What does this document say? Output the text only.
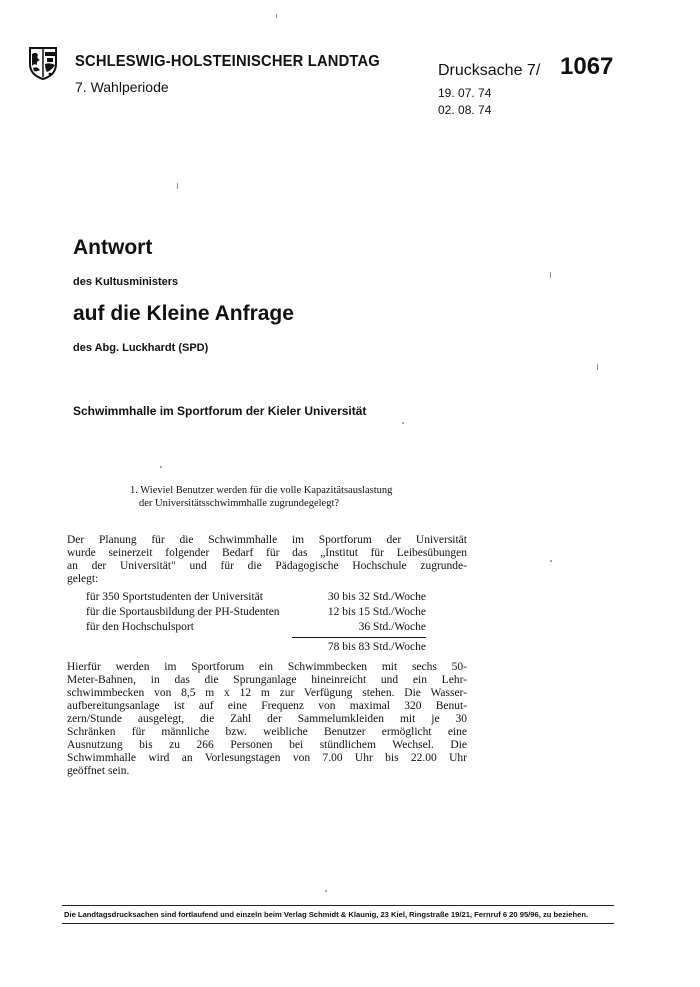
SCHLESWIG-HOLSTEINISCHER LANDTAG
7. Wahlperiode
Drucksache 7/ 1067
19. 07. 74
02. 08. 74
Antwort
des Kultusministers
auf die Kleine Anfrage
des Abg. Luckhardt (SPD)
Schwimmhalle im Sportforum der Kieler Universität
1. Wieviel Benutzer werden für die volle Kapazitätsauslastung
der Universitätsschwimmhalle zugrundegelegt?
Der Planung für die Schwimmhalle im Sportforum der Universität
wurde seinerzeit folgender Bedarf für das „Institut für Leibesübungen
an der Universität" und für die Pädagogische Hochschule zugrunde-
gelegt:
für 350 Sportstudenten der Universität	30 bis 32 Std./Woche
für die Sportausbildung der PH-Studenten	12 bis 15 Std./Woche
für den Hochschulsport	36 Std./Woche
78 bis 83 Std./Woche
Hierfür werden im Sportforum ein Schwimmbecken mit sechs 50-
Meter-Bahnen, in das die Sprunganlage hineinreicht und ein Lehr-
schwimmbecken von 8,5 m x 12 m zur Verfügung stehen. Die Wasser-
aufbereitungsanlage ist auf eine Frequenz von maximal 320 Benut-
zern/Stunde ausgelegt, die Zahl der Sammelumkleiden mit je 30
Schränken für männliche bzw. weibliche Benutzer ermöglicht eine
Ausnutzung bis zu 266 Personen bei stündlichem Wechsel. Die
Schwimmhalle wird an Vorlesungstagen von 7.00 Uhr bis 22.00 Uhr
geöffnet sein.
Die Landtagsdrucksachen sind fortlaufend und einzeln beim Verlag Schmidt & Klaunig, 23 Kiel, Ringstraße 19/21, Fernruf 6 20 95/96, zu beziehen.
